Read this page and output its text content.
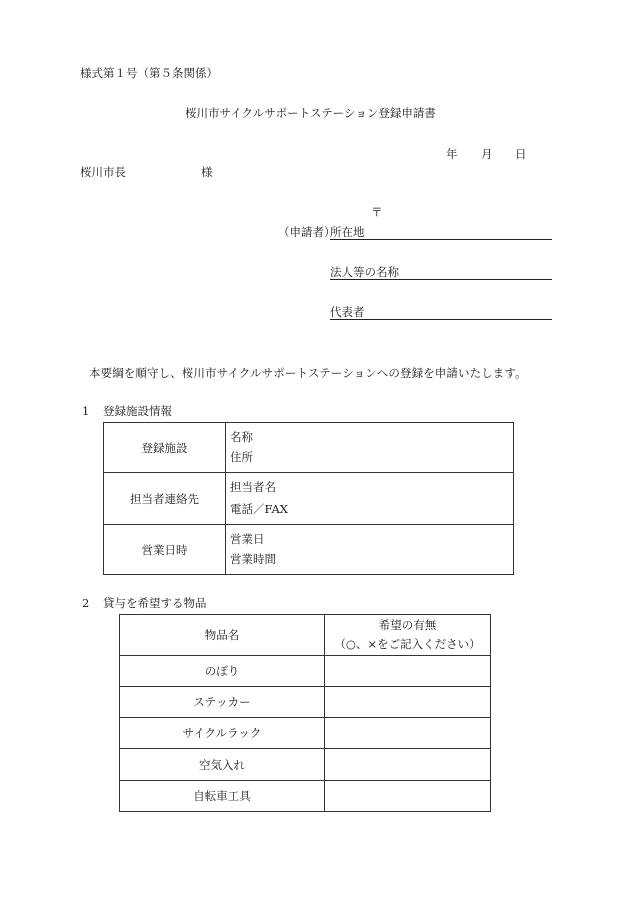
様式第１号（第５条関係）
桜川市サイクルサポートステーション登録申請書
年 月 日
桜川市長	様
〒
（申請者）
所在地
法人等の名称
代表者
本要綱を順守し、桜川市サイクルサポートステーションへの登録を申請いたします。
1 登録施設情報
登録施設	名称
住所

担当者連絡先	担当者名
電話／FAX

営業日時	営業日
営業時間
2 貸与を希望する物品
物品名	希望の有無
（○、×をご記入ください）

のぼり	
ステッカー	
サイクルラック	
空気入れ	
自転車工具	
